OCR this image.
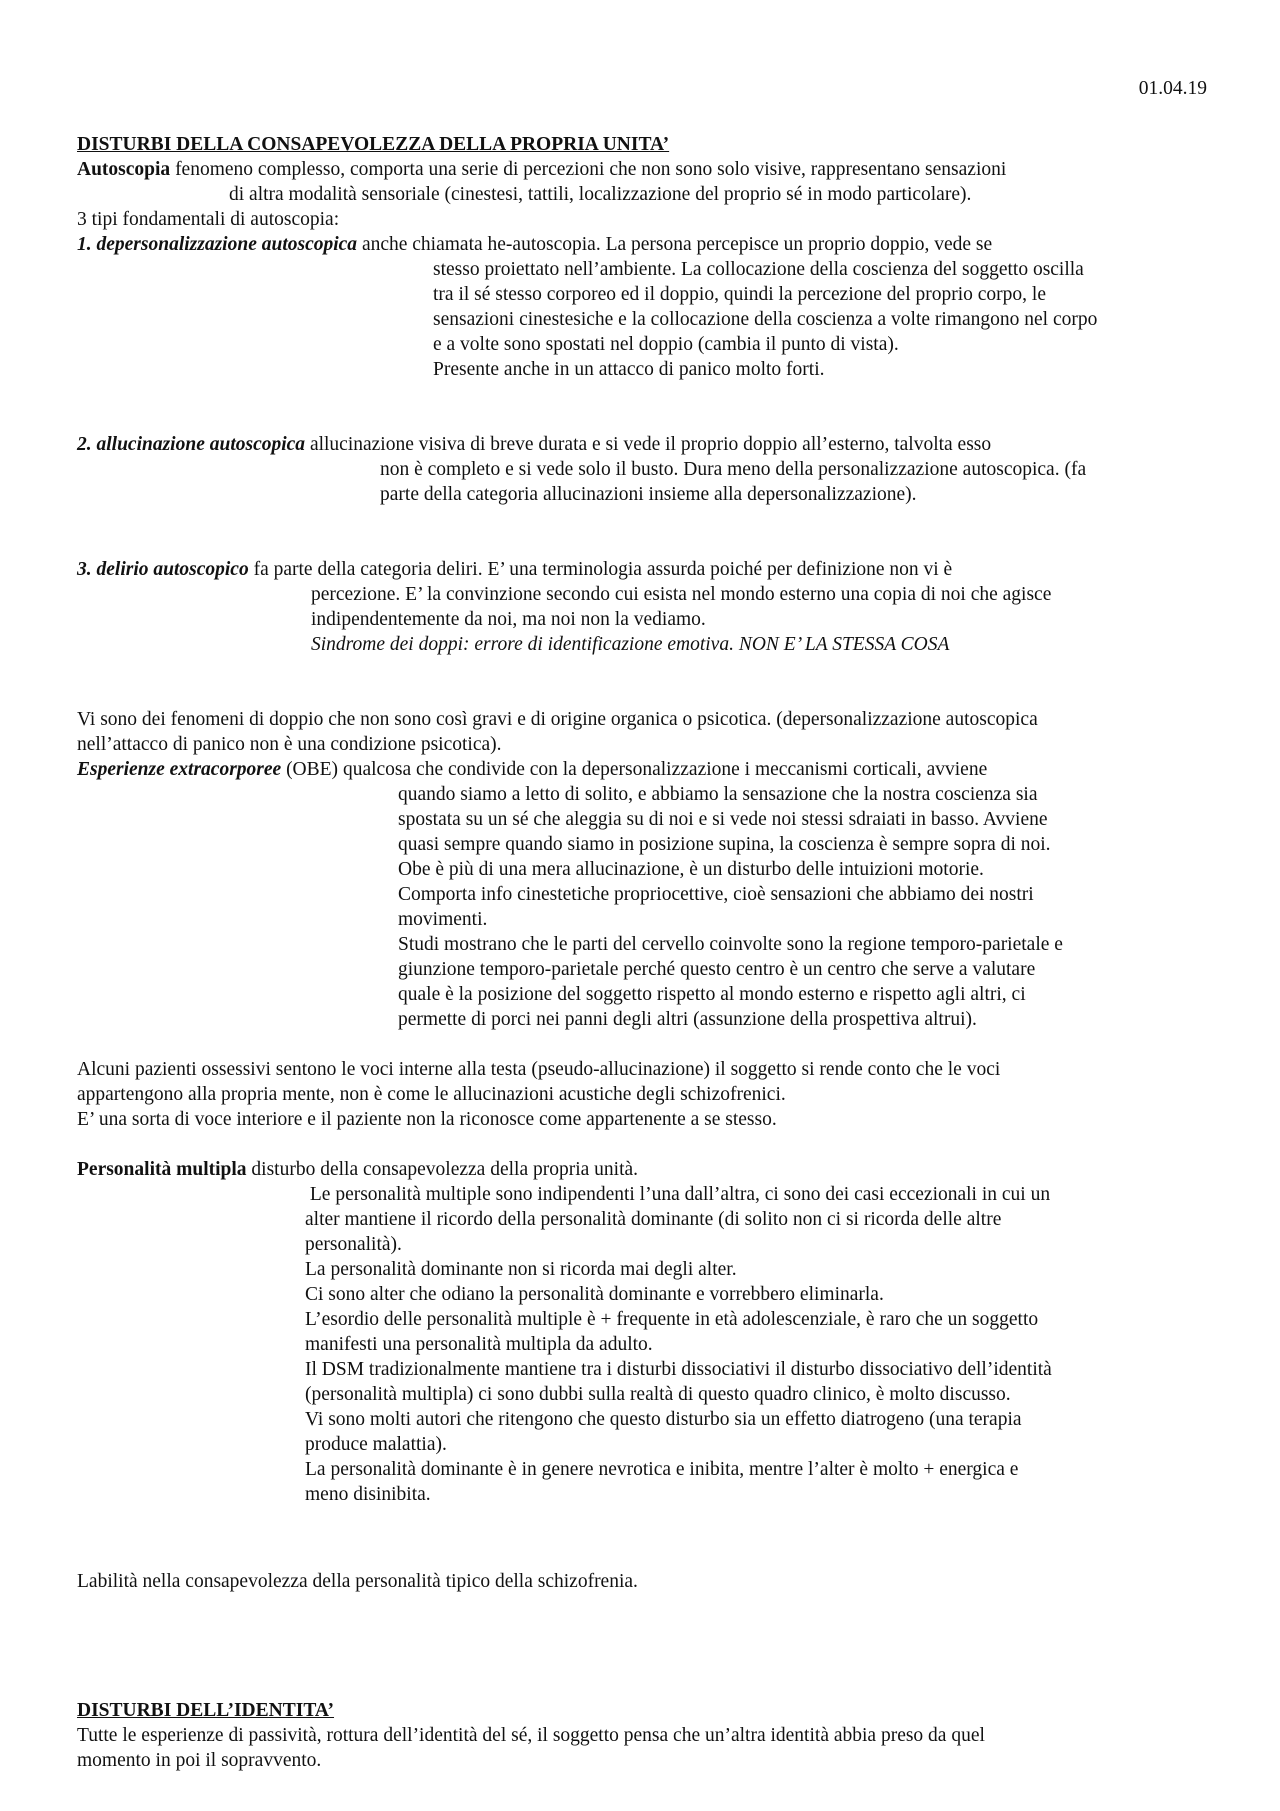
01.04.19

DISTURBI DELLA CONSAPEVOLEZZA DELLA PROPRIA UNITA’

Autoscopia fenomeno complesso, comporta una serie di percezioni che non sono solo visive, rappresentano sensazioni

di altra modalità sensoriale (cinestesi, tattili, localizzazione del proprio sé in modo particolare).

3 tipi fondamentali di autoscopia:

1. depersonalizzazione autoscopica anche chiamata he-autoscopia. La persona percepisce un proprio doppio, vede se

stesso proiettato nell’ambiente. La collocazione della coscienza del soggetto oscilla

tra il sé stesso corporeo ed il doppio, quindi la percezione del proprio corpo, le

sensazioni cinestesiche e la collocazione della coscienza a volte rimangono nel corpo

e a volte sono spostati nel doppio (cambia il punto di vista).

Presente anche in un attacco di panico molto forti.

2. allucinazione autoscopica allucinazione visiva di breve durata e si vede il proprio doppio all’esterno, talvolta esso

non è completo e si vede solo il busto. Dura meno della personalizzazione autoscopica. (fa

parte della categoria allucinazioni insieme alla depersonalizzazione).

3. delirio autoscopico fa parte della categoria deliri. E’ una terminologia assurda poiché per definizione non vi è

percezione. E’ la convinzione secondo cui esista nel mondo esterno una copia di noi che agisce

indipendentemente da noi, ma noi non la vediamo.

Sindrome dei doppi: errore di identificazione emotiva. NON E’ LA STESSA COSA

Vi sono dei fenomeni di doppio che non sono così gravi e di origine organica o psicotica. (depersonalizzazione autoscopica

nell’attacco di panico non è una condizione psicotica).

Esperienze extracorporee (OBE) qualcosa che condivide con la depersonalizzazione i meccanismi corticali, avviene

quando siamo a letto di solito, e abbiamo la sensazione che la nostra coscienza sia

spostata su un sé che aleggia su di noi e si vede noi stessi sdraiati in basso. Avviene

quasi sempre quando siamo in posizione supina, la coscienza è sempre sopra di noi.

Obe è più di una mera allucinazione, è un disturbo delle intuizioni motorie.

Comporta info cinestetiche propriocettive, cioè sensazioni che abbiamo dei nostri

movimenti.

Studi mostrano che le parti del cervello coinvolte sono la regione temporo-parietale e

giunzione temporo-parietale perché questo centro è un centro che serve a valutare

quale è la posizione del soggetto rispetto al mondo esterno e rispetto agli altri, ci

permette di porci nei panni degli altri (assunzione della prospettiva altrui).

Alcuni pazienti ossessivi sentono le voci interne alla testa (pseudo-allucinazione) il soggetto si rende conto che le voci

appartengono alla propria mente, non è come le allucinazioni acustiche degli schizofrenici.

E’ una sorta di voce interiore e il paziente non la riconosce come appartenente a se stesso.

Personalità multipla disturbo della consapevolezza della propria unità.

Le personalità multiple sono indipendenti l’una dall’altra, ci sono dei casi eccezionali in cui un

alter mantiene il ricordo della personalità dominante (di solito non ci si ricorda delle altre

personalità).

La personalità dominante non si ricorda mai degli alter.

Ci sono alter che odiano la personalità dominante e vorrebbero eliminarla.

L’esordio delle personalità multiple è + frequente in età adolescenziale, è raro che un soggetto

manifesti una personalità multipla da adulto.

Il DSM tradizionalmente mantiene tra i disturbi dissociativi il disturbo dissociativo dell’identità

(personalità multipla) ci sono dubbi sulla realtà di questo quadro clinico, è molto discusso.

Vi sono molti autori che ritengono che questo disturbo sia un effetto diatrogeno (una terapia

produce malattia).

La personalità dominante è in genere nevrotica e inibita, mentre l’alter è molto + energica e

meno disinibita.

Labilità nella consapevolezza della personalità tipico della schizofrenia.

DISTURBI DELL’IDENTITA’

Tutte le esperienze di passività, rottura dell’identità del sé, il soggetto pensa che un’altra identità abbia preso da quel

momento in poi il sopravvento.
